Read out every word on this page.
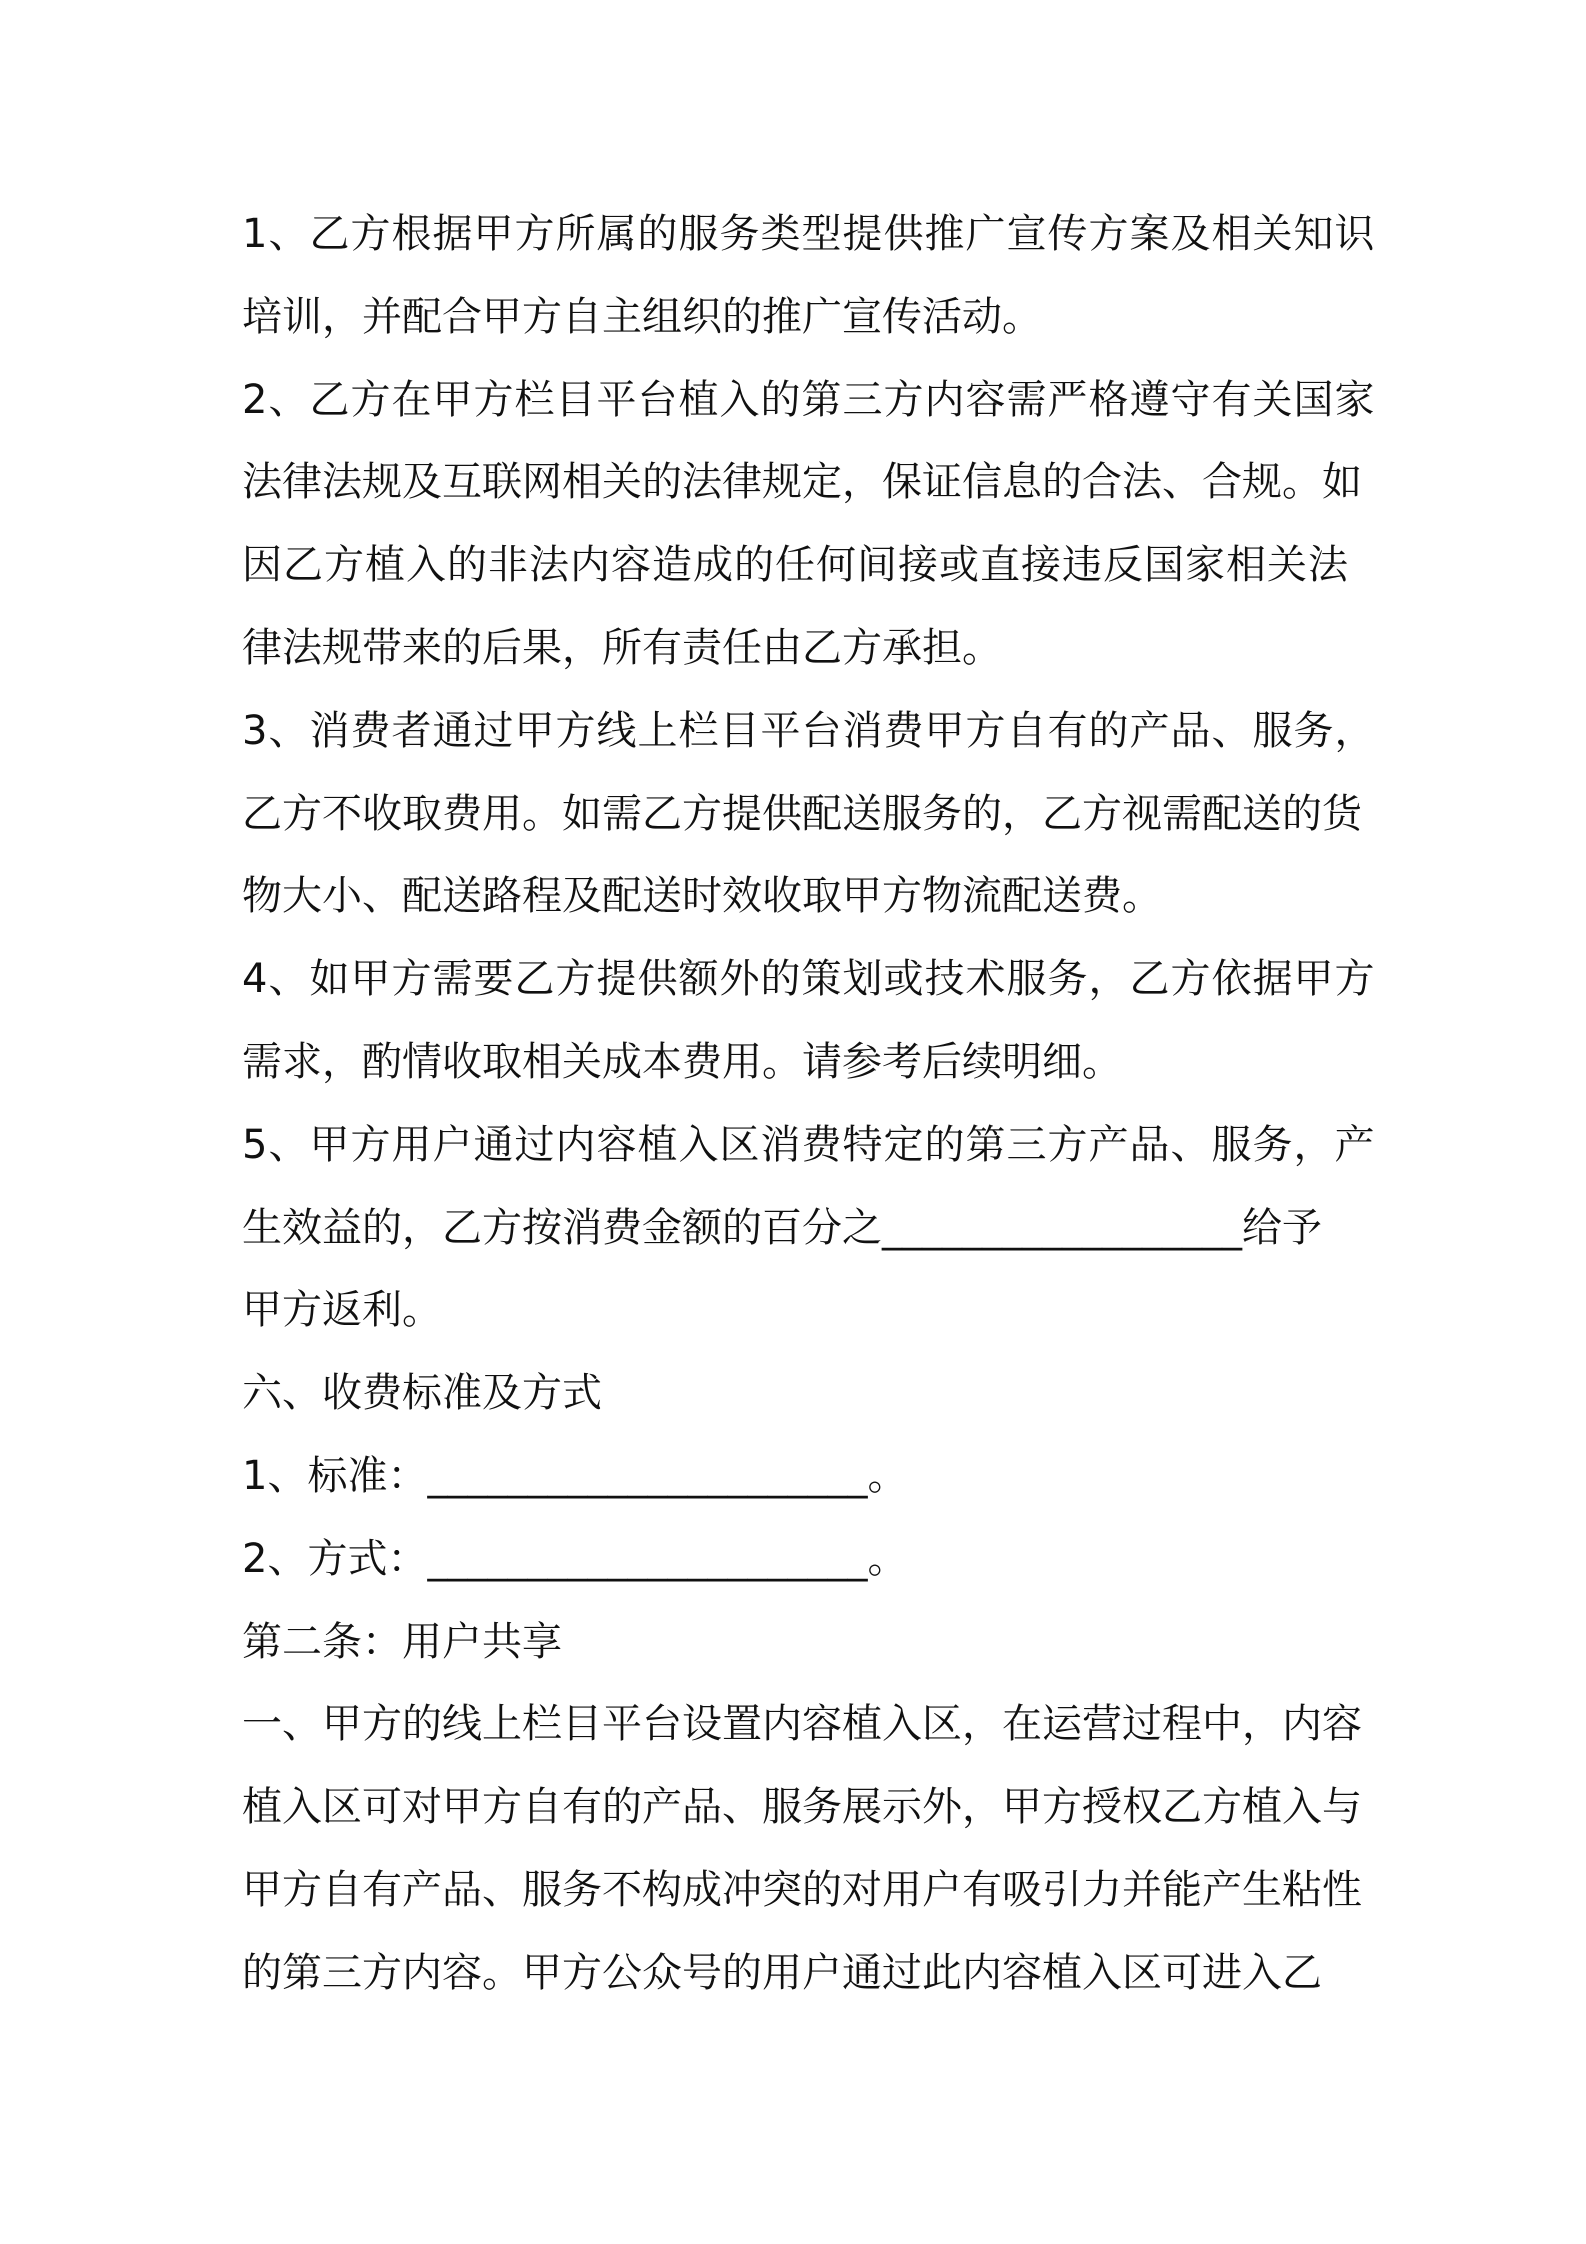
1、乙方根据甲方所属的服务类型提供推广宣传方案及相关知识
培训，并配合甲方自主组织的推广宣传活动。
2、乙方在甲方栏目平台植入的第三方内容需严格遵守有关国家
法律法规及互联网相关的法律规定，保证信息的合法、合规。如
因乙方植入的非法内容造成的任何间接或直接违反国家相关法
律法规带来的后果，所有责任由乙方承担。
3、消费者通过甲方线上栏目平台消费甲方自有的产品、服务，
乙方不收取费用。如需乙方提供配送服务的，乙方视需配送的货
物大小、配送路程及配送时效收取甲方物流配送费。
4、如甲方需要乙方提供额外的策划或技术服务，乙方依据甲方
需求，酌情收取相关成本费用。请参考后续明细。
5、甲方用户通过内容植入区消费特定的第三方产品、服务，产
生效益的，乙方按消费金额的百分之__________________给予
甲方返利。
六、收费标准及方式
1、标准：______________________。
2、方式：______________________。
第二条：用户共享
一、甲方的线上栏目平台设置内容植入区，在运营过程中，内容
植入区可对甲方自有的产品、服务展示外，甲方授权乙方植入与
甲方自有产品、服务不构成冲突的对用户有吸引力并能产生粘性
的第三方内容。甲方公众号的用户通过此内容植入区可进入乙
